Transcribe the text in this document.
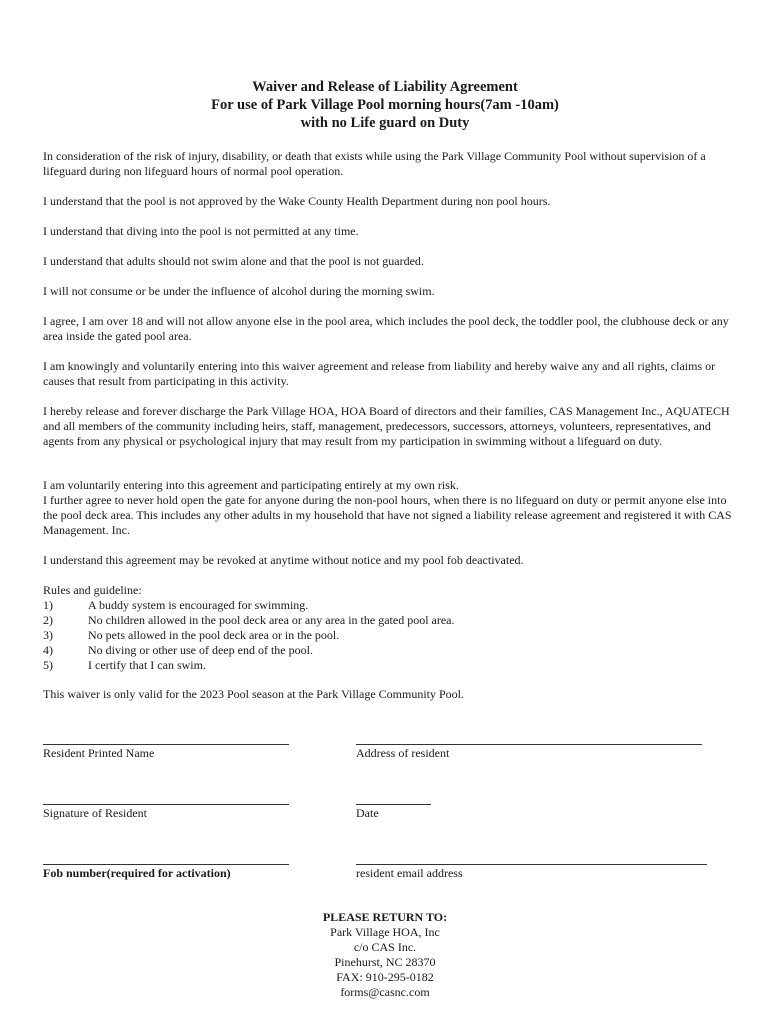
Waiver and Release of Liability Agreement
For use of Park Village Pool morning hours(7am -10am)
with no Life guard on Duty

In consideration of the risk of injury, disability, or death that exists while using the Park Village Community Pool without supervision of a lifeguard during non lifeguard hours of normal pool operation.

I understand that the pool is not approved by the Wake County Health Department during non pool hours.

I understand that diving into the pool is not permitted at any time.

I understand that adults should not swim alone and that the pool is not guarded.

I will not consume or be under the influence of alcohol during the morning swim.

I agree, I am over 18 and will not allow anyone else in the pool area, which includes the pool deck, the toddler pool, the clubhouse deck or any area inside the gated pool area.

I am knowingly and voluntarily entering into this waiver agreement and release from liability and hereby waive any and all rights, claims or causes that result from participating in this activity.

I hereby release and forever discharge the Park Village HOA, HOA Board of directors and their families, CAS Management Inc., AQUATECH and all members of the community including heirs, staff, management, predecessors, successors, attorneys, volunteers, representatives, and agents from any physical or psychological injury that may result from my participation in swimming without a lifeguard on duty.

I am voluntarily entering into this agreement and participating entirely at my own risk.

I further agree to never hold open the gate for anyone during the non-pool hours, when there is no lifeguard on duty or permit anyone else into the pool deck area. This includes any other adults in my household that have not signed a liability release agreement and registered it with CAS Management. Inc.

I understand this agreement may be revoked at anytime without notice and my pool fob deactivated.

Rules and guideline:
1)	A buddy system is encouraged for swimming.
2)	No children allowed in the pool deck area or any area in the gated pool area.
3)	No pets allowed in the pool deck area or in the pool.
4)	No diving or other use of deep end of the pool.
5)	I certify that I can swim.

This waiver is only valid for the 2023 Pool season at the Park Village Community Pool.

Resident Printed Name	Address of resident
Signature of Resident	Date
Fob number(required for activation)	resident email address
PLEASE RETURN TO:
Park Village HOA, Inc
c/o CAS Inc.
Pinehurst, NC 28370
FAX: 910-295-0182
forms@casnc.com
